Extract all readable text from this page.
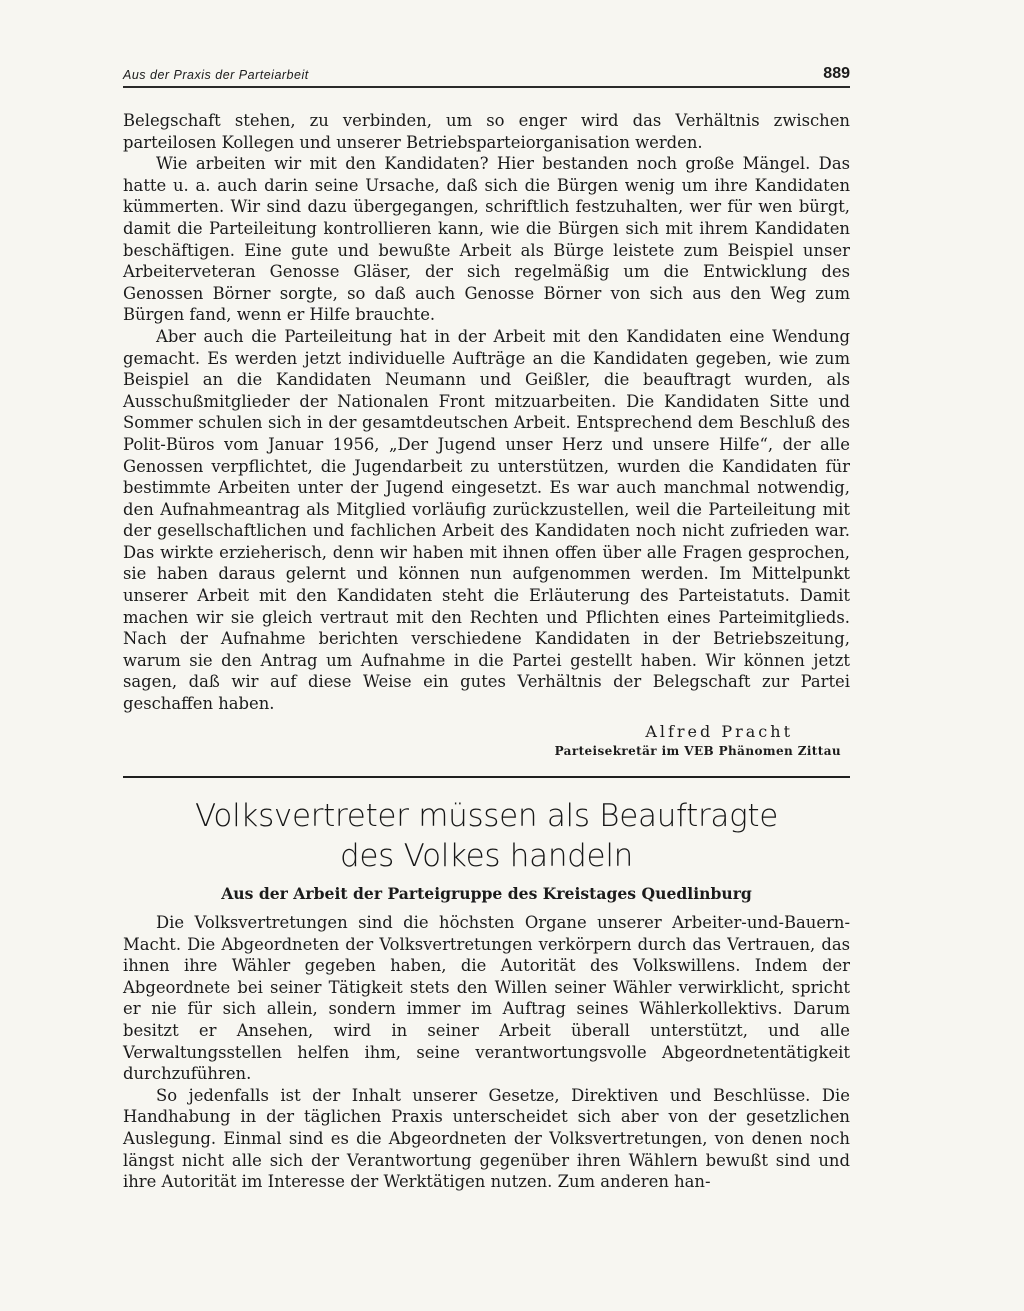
Aus der Praxis der Parteiarbeit	889

Belegschaft stehen, zu verbinden, um so enger wird das Verhältnis zwischen parteilosen Kollegen und unserer Betriebsparteiorganisation werden.

Wie arbeiten wir mit den Kandidaten? Hier bestanden noch große Mängel. Das hatte u. a. auch darin seine Ursache, daß sich die Bürgen wenig um ihre Kandidaten kümmerten. Wir sind dazu übergegangen, schriftlich festzuhalten, wer für wen bürgt, damit die Parteileitung kontrollieren kann, wie die Bürgen sich mit ihrem Kandidaten beschäftigen. Eine gute und bewußte Arbeit als Bürge leistete zum Beispiel unser Arbeiterveteran Genosse Gläser, der sich regelmäßig um die Entwicklung des Genossen Börner sorgte, so daß auch Genosse Börner von sich aus den Weg zum Bürgen fand, wenn er Hilfe brauchte.

Aber auch die Parteileitung hat in der Arbeit mit den Kandidaten eine Wendung gemacht. Es werden jetzt individuelle Aufträge an die Kandidaten gegeben, wie zum Beispiel an die Kandidaten Neumann und Geißler, die beauftragt wurden, als Ausschußmitglieder der Nationalen Front mitzuarbeiten. Die Kandidaten Sitte und Sommer schulen sich in der gesamtdeutschen Arbeit. Entsprechend dem Beschluß des Polit-Büros vom Januar 1956, „Der Jugend unser Herz und unsere Hilfe“, der alle Genossen verpflichtet, die Jugendarbeit zu unterstützen, wurden die Kandidaten für bestimmte Arbeiten unter der Jugend eingesetzt. Es war auch manchmal notwendig, den Aufnahmeantrag als Mitglied vorläufig zurückzustellen, weil die Parteileitung mit der gesellschaftlichen und fachlichen Arbeit des Kandidaten noch nicht zufrieden war. Das wirkte erzieherisch, denn wir haben mit ihnen offen über alle Fragen gesprochen, sie haben daraus gelernt und können nun aufgenommen werden. Im Mittelpunkt unserer Arbeit mit den Kandidaten steht die Erläuterung des Parteistatuts. Damit machen wir sie gleich vertraut mit den Rechten und Pflichten eines Parteimitglieds. Nach der Aufnahme berichten verschiedene Kandidaten in der Betriebszeitung, warum sie den Antrag um Aufnahme in die Partei gestellt haben. Wir können jetzt sagen, daß wir auf diese Weise ein gutes Verhältnis der Belegschaft zur Partei geschaffen haben.

Alfred Pracht
Parteisekretär im VEB Phänomen Zittau
Volksvertreter müssen als Beauftragte
des Volkes handeln
Aus der Arbeit der Parteigruppe des Kreistages Quedlinburg

Die Volksvertretungen sind die höchsten Organe unserer Arbeiter-und-Bauern-Macht. Die Abgeordneten der Volksvertretungen verkörpern durch das Vertrauen, das ihnen ihre Wähler gegeben haben, die Autorität des Volkswillens. Indem der Abgeordnete bei seiner Tätigkeit stets den Willen seiner Wähler verwirklicht, spricht er nie für sich allein, sondern immer im Auftrag seines Wählerkollektivs. Darum besitzt er Ansehen, wird in seiner Arbeit überall unterstützt, und alle Verwaltungsstellen helfen ihm, seine verantwortungsvolle Abgeordnetentätigkeit durchzuführen.

So jedenfalls ist der Inhalt unserer Gesetze, Direktiven und Beschlüsse. Die Handhabung in der täglichen Praxis unterscheidet sich aber von der gesetzlichen Auslegung. Einmal sind es die Abgeordneten der Volksvertretungen, von denen noch längst nicht alle sich der Verantwortung gegenüber ihren Wählern bewußt sind und ihre Autorität im Interesse der Werktätigen nutzen. Zum anderen han-
